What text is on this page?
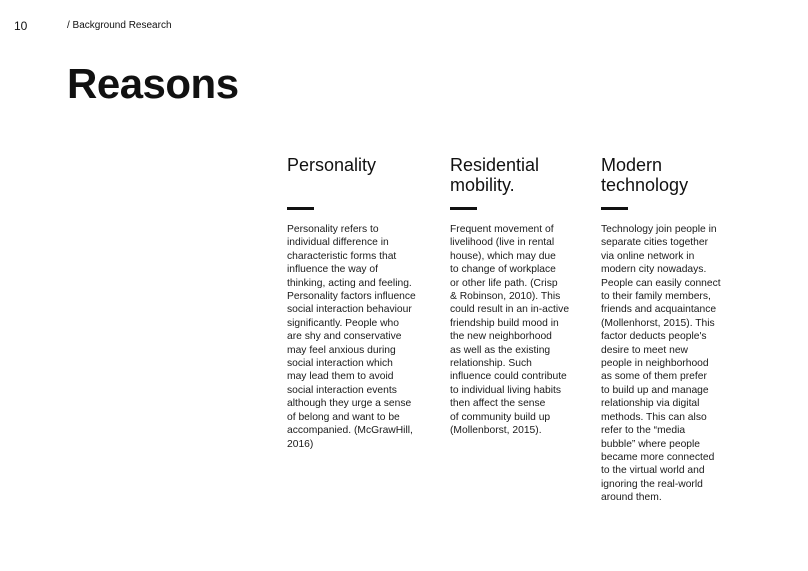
10	/ Background Research
Reasons
Personality

Personality refers to
individual difference in
characteristic forms that
influence the way of
thinking, acting and feeling.
Personality factors influence
social interaction behaviour
significantly. People who
are shy and conservative
may feel anxious during
social interaction which
may lead them to avoid
social interaction events
although they urge a sense
of belong and want to be
accompanied. (McGrawHill,
2016)

Residential
mobility.

Frequent movement of
livelihood (live in rental
house), which may due
to change of workplace
or other life path. (Crisp
& Robinson, 2010). This
could result in an in-active
friendship build mood in
the new neighborhood
as well as the existing
relationship. Such
influence could contribute
to individual living habits
then affect the sense
of community build up
(Mollenborst, 2015).

Modern
technology

Technology join people in
separate cities together
via online network in
modern city nowadays.
People can easily connect
to their family members,
friends and acquaintance
(Mollenhorst, 2015). This
factor deducts people's
desire to meet new
people in neighborhood
as some of them prefer
to build up and manage
relationship via digital
methods. This can also
refer to the “media
bubble” where people
became more connected
to the virtual world and
ignoring the real-world
around them.
